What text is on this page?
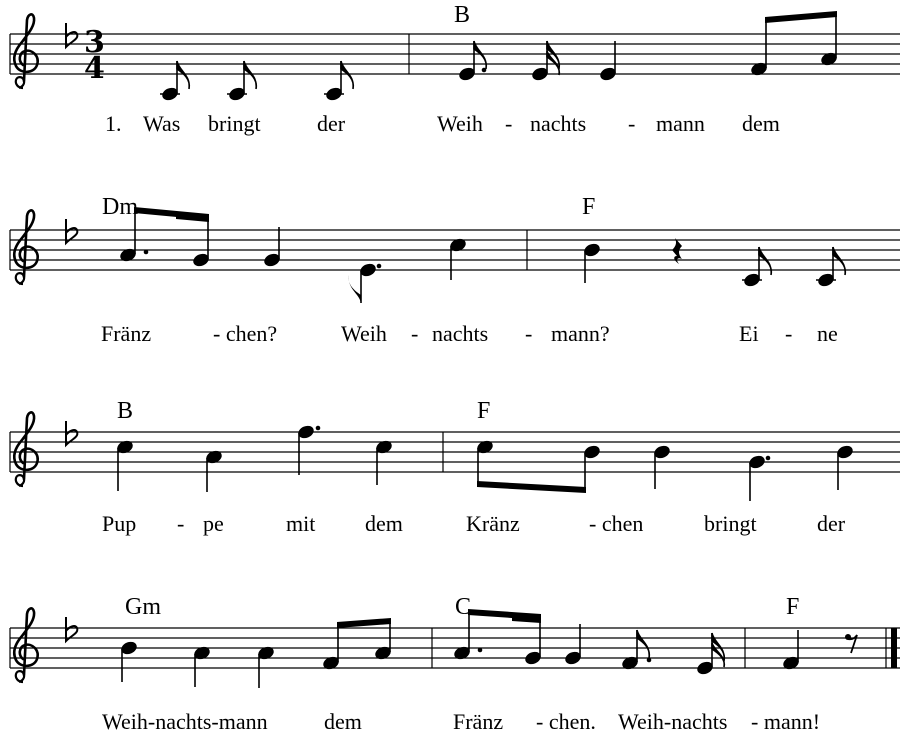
3
4
B
1. Was bringt	der	Weih - nachts - mann dem
Dm	F
Fränz	- chen?	Weih - nachts - mann?	Ei - ne
B	F
Pup - pe	mit dem	Kränz	- chen	bringt	der
Gm	C	F
Weih-nachts-mann	dem	Fränz - chen. Weih-nachts - mann!
